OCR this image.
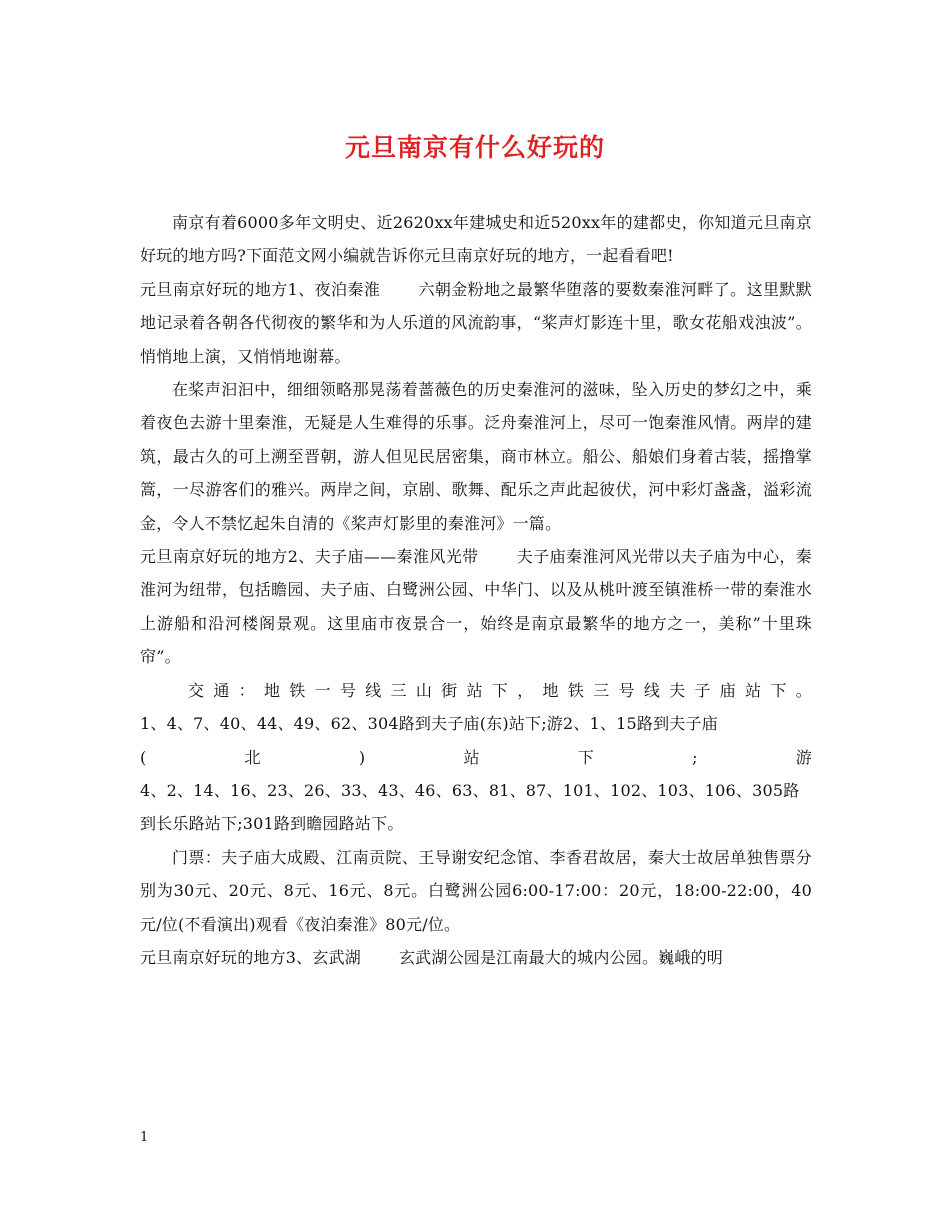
元旦南京有什么好玩的

南京有着6000多年文明史、近2620xx年建城史和近520xx年的建都史，你知道元旦南京好玩的地方吗?下面范文网小编就告诉你元旦南京好玩的地方，一起看看吧!

元旦南京好玩的地方1、夜泊秦淮 六朝金粉地之最繁华堕落的要数秦淮河畔了。这里默默地记录着各朝各代彻夜的繁华和为人乐道的风流韵事，“桨声灯影连十里，歌女花船戏浊波”。悄悄地上演，又悄悄地谢幕。

在桨声汩汩中，细细领略那晃荡着蔷薇色的历史秦淮河的滋味，坠入历史的梦幻之中，乘着夜色去游十里秦淮，无疑是人生难得的乐事。泛舟秦淮河上，尽可一饱秦淮风情。两岸的建筑，最古久的可上溯至晋朝，游人但见民居密集，商市林立。船公、船娘们身着古装，摇撸掌篙，一尽游客们的雅兴。两岸之间，京剧、歌舞、配乐之声此起彼伏，河中彩灯盏盏，溢彩流金，令人不禁忆起朱自清的《桨声灯影里的秦淮河》一篇。

元旦南京好玩的地方2、夫子庙——秦淮风光带 夫子庙秦淮河风光带以夫子庙为中心，秦淮河为纽带，包括瞻园、夫子庙、白鹭洲公园、中华门、以及从桃叶渡至镇淮桥一带的秦淮水上游船和沿河楼阁景观。这里庙市夜景合一，始终是南京最繁华的地方之一，美称”十里珠帘”。

交通：地铁一号线三山街站下，地铁三号线夫子庙站下。

1、4、7、40、44、49、62、304路到夫子庙(东)站下;游2、1、15路到夫子庙

(北)站下;游

4、2、14、16、23、26、33、43、46、63、81、87、101、102、103、106、305路

到长乐路站下;301路到瞻园路站下。

门票：夫子庙大成殿、江南贡院、王导谢安纪念馆、李香君故居，秦大士故居单独售票分别为30元、20元、8元、16元、8元。白鹭洲公园6:00-17:00：20元，18:00-22:00，40元/位(不看演出)观看《夜泊秦淮》80元/位。

元旦南京好玩的地方3、玄武湖 玄武湖公园是江南最大的城内公园。巍峨的明

1
